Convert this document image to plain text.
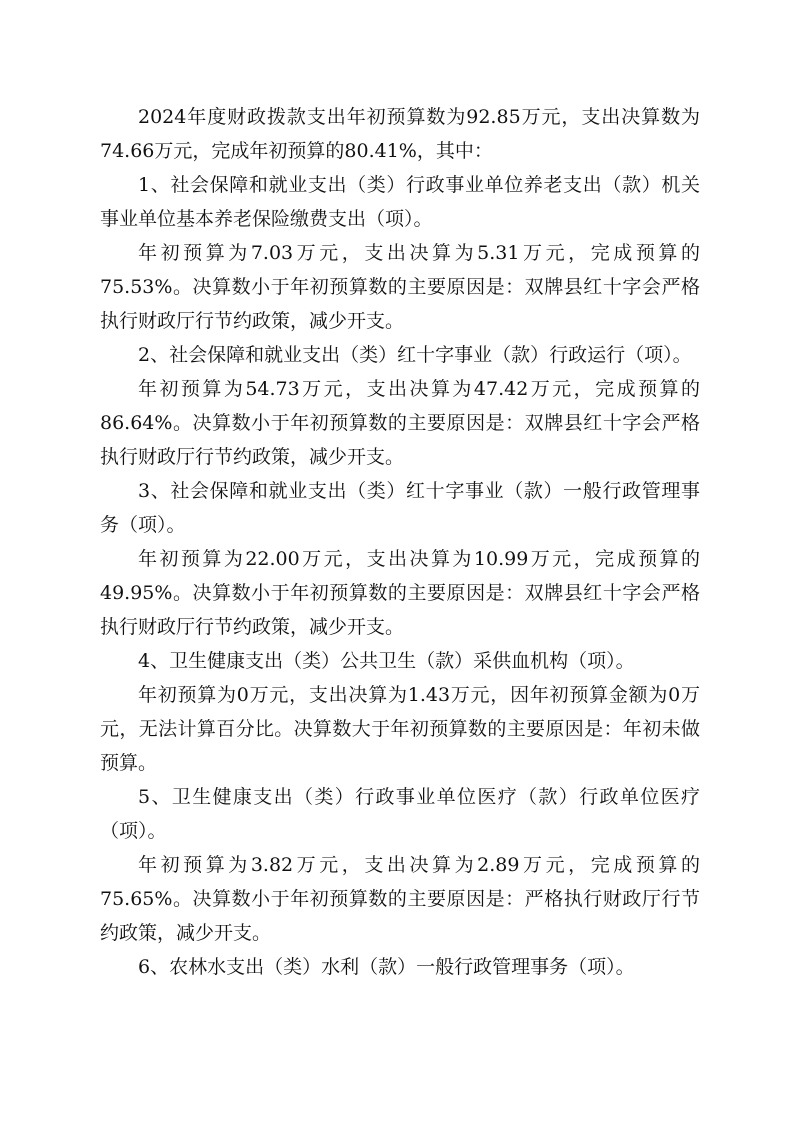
2024年度财政拨款支出年初预算数为92.85万元，支出决算数为74.66万元，完成年初预算的80.41%，其中：

1、社会保障和就业支出（类）行政事业单位养老支出（款）机关事业单位基本养老保险缴费支出（项）。

年初预算为7.03万元，支出决算为5.31万元，完成预算的75.53%。决算数小于年初预算数的主要原因是：双牌县红十字会严格执行财政厅行节约政策，减少开支。

2、社会保障和就业支出（类）红十字事业（款）行政运行（项）。

年初预算为54.73万元，支出决算为47.42万元，完成预算的86.64%。决算数小于年初预算数的主要原因是：双牌县红十字会严格执行财政厅行节约政策，减少开支。

3、社会保障和就业支出（类）红十字事业（款）一般行政管理事务（项）。

年初预算为22.00万元，支出决算为10.99万元，完成预算的49.95%。决算数小于年初预算数的主要原因是：双牌县红十字会严格执行财政厅行节约政策，减少开支。

4、卫生健康支出（类）公共卫生（款）采供血机构（项）。

年初预算为0万元，支出决算为1.43万元，因年初预算金额为0万元，无法计算百分比。决算数大于年初预算数的主要原因是：年初未做预算。

5、卫生健康支出（类）行政事业单位医疗（款）行政单位医疗（项）。

年初预算为3.82万元，支出决算为2.89万元，完成预算的75.65%。决算数小于年初预算数的主要原因是：严格执行财政厅行节约政策，减少开支。

6、农林水支出（类）水利（款）一般行政管理事务（项）。
